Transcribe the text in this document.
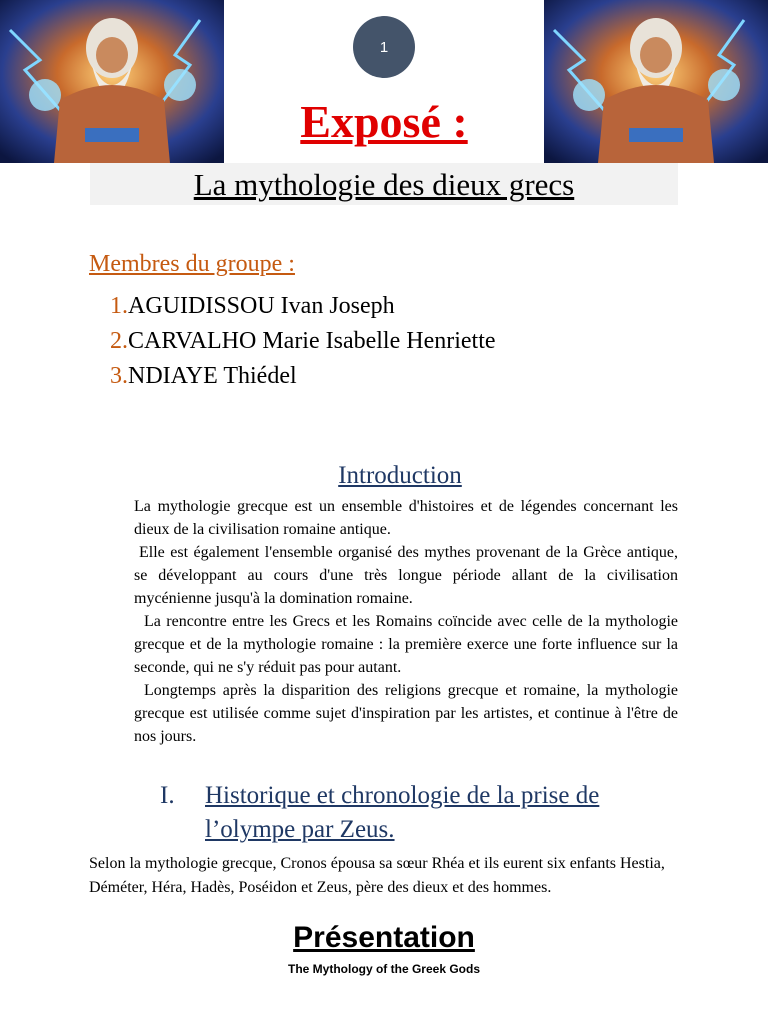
1
Exposé :
La mythologie des dieux grecs
Membres du groupe :
1.AGUIDISSOU Ivan Joseph
2.CARVALHO Marie Isabelle Henriette
3.NDIAYE Thiédel
Introduction

La mythologie grecque est un ensemble d'histoires et de légendes concernant les dieux de la civilisation romaine antique.

Elle est également l'ensemble organisé des mythes provenant de la Grèce antique, se développant au cours d'une très longue période allant de la civilisation mycénienne jusqu'à la domination romaine.

La rencontre entre les Grecs et les Romains coïncide avec celle de la mythologie grecque et de la mythologie romaine : la première exerce une forte influence sur la seconde, qui ne s'y réduit pas pour autant.

Longtemps après la disparition des religions grecque et romaine, la mythologie grecque est utilisée comme sujet d'inspiration par les artistes, et continue à l'être de nos jours.

I. Historique et chronologie de la prise de l’olympe par Zeus.
Selon la mythologie grecque, Cronos épousa sa sœur Rhéa et ils eurent six enfants Hestia, Déméter, Héra, Hadès, Poséidon et Zeus, père des dieux et des hommes.
Présentation
The Mythology of the Greek Gods
